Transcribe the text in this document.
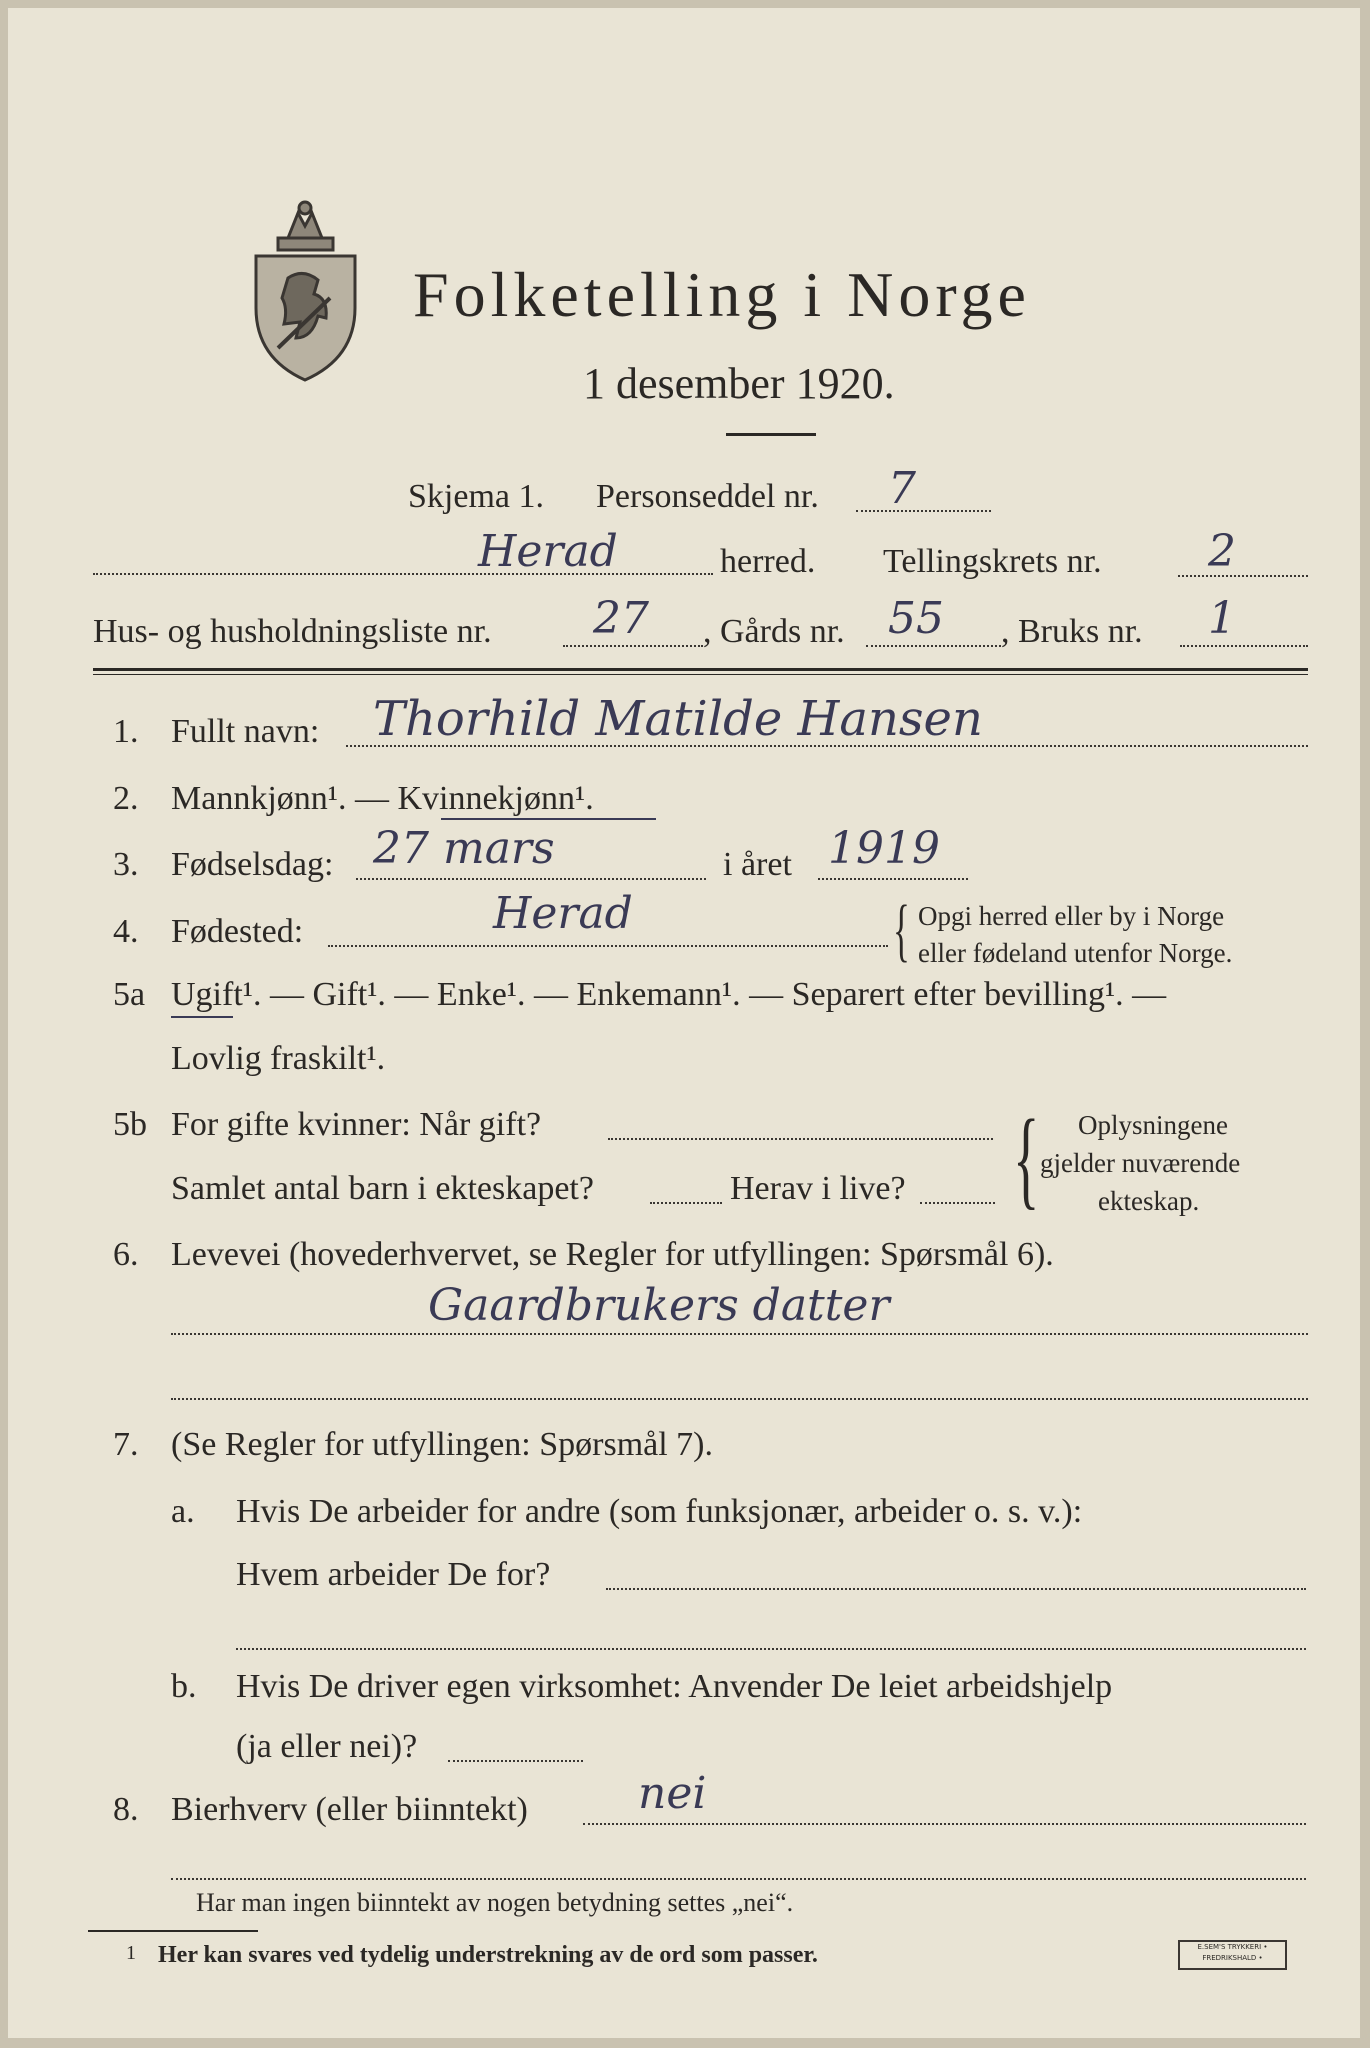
Folketelling i Norge
1 desember 1920.
Skjema 1. Personseddel nr. 7
Herad	herred. Tellingskrets nr. 2
Hus- og husholdningsliste nr. 27 , Gårds nr. 55 , Bruks nr. 1
1. Fullt navn: Thorhild Matilde Hansen
2. Mannkjønn¹. — Kvinnekjønn¹.
3. Fødselsdag: 27 mars	i året 1919
4. Fødested:	Herad	{ Opgi herred eller by i Norge
eller fødeland utenfor Norge.
5a Ugift¹. — Gift¹. — Enke¹. — Enkemann¹. — Separert efter bevilling¹. —
Lovlig fraskilt¹.
5b For gifte kvinner: Når gift?
Samlet antal barn i ekteskapet?	Herav i live? { Oplysningene
gjelder nuværende
ekteskap.
6. Levevei (hovederhvervet, se Regler for utfyllingen: Spørsmål 6).
Gaardbrukers datter
7. (Se Regler for utfyllingen: Spørsmål 7).
a. Hvis De arbeider for andre (som funksjonær, arbeider o. s. v.):
Hvem arbeider De for?
b. Hvis De driver egen virksomhet: Anvender De leiet arbeidshjelp
(ja eller nei)?
8. Bierhverv (eller biinntekt)	nei
Har man ingen biinntekt av nogen betydning settes „nei“.
1 Her kan svares ved tydelig understrekning av de ord som passer.	E.SEM'S TRYKKERI • FREDRIKSHALD •
